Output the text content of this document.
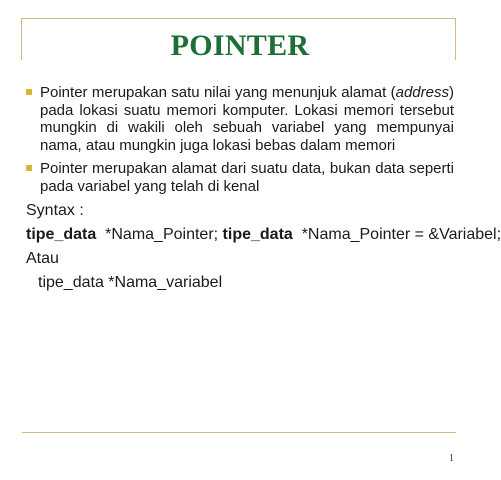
POINTER
Pointer merupakan satu nilai yang menunjuk alamat (address) pada lokasi suatu memori komputer. Lokasi memori tersebut mungkin di wakili oleh sebuah variabel yang mempunyai nama, atau mungkin juga lokasi bebas dalam memori
Pointer merupakan alamat dari suatu data, bukan data seperti pada variabel yang telah di kenal

Syntax :

tipe_data *Nama_Pointer; tipe_data *Nama_Pointer = &Variabel;

Atau

tipe_data *Nama_variabel

1
